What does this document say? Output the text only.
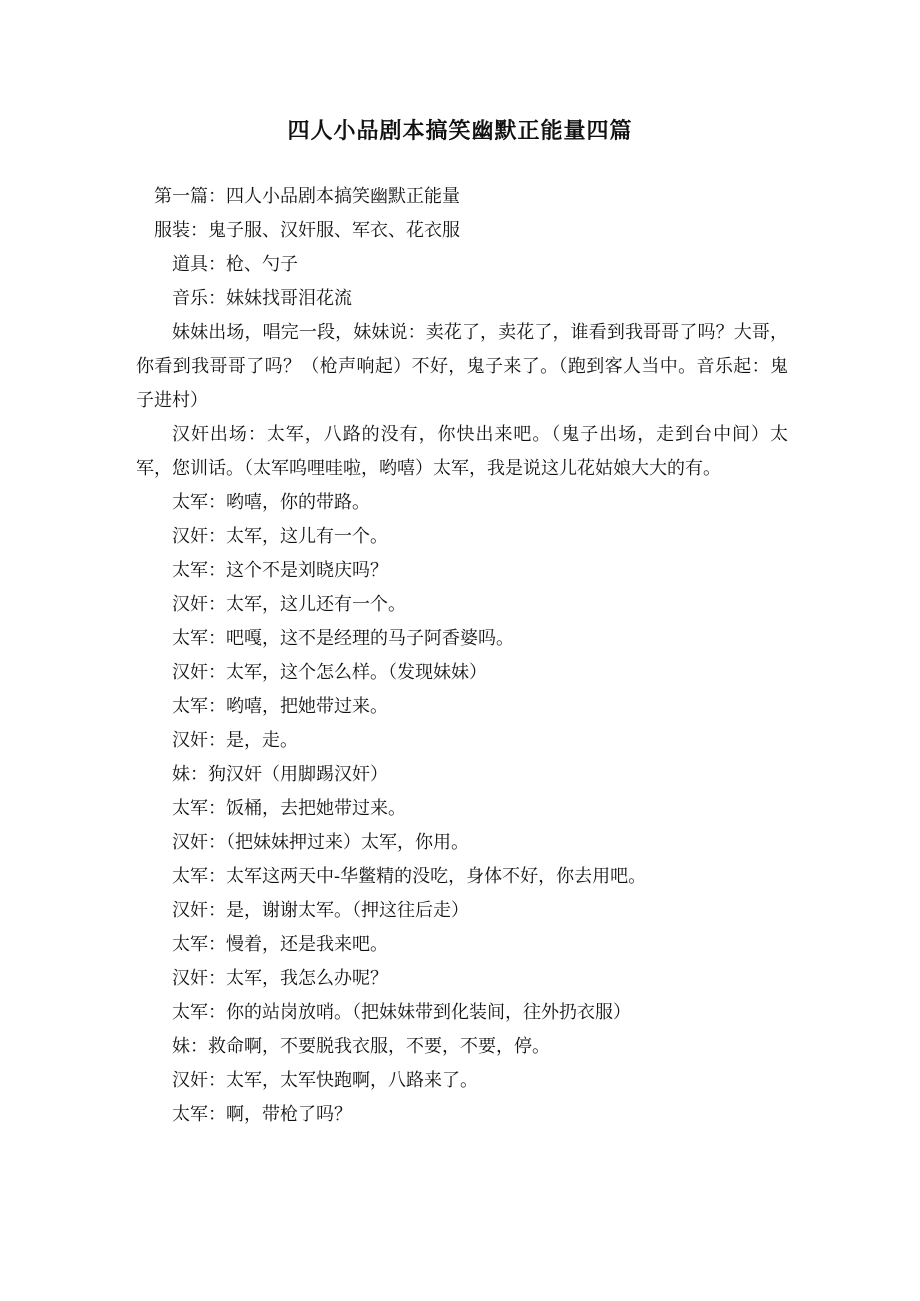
四人小品剧本搞笑幽默正能量四篇

第一篇：四人小品剧本搞笑幽默正能量

服装：鬼子服、汉奸服、军衣、花衣服

道具：枪、勺子

音乐：妹妹找哥泪花流

妹妹出场，唱完一段，妹妹说：卖花了，卖花了，谁看到我哥哥了吗？大哥，你看到我哥哥了吗？（枪声响起）不好，鬼子来了。（跑到客人当中。音乐起：鬼子进村）

汉奸出场：太军，八路的没有，你快出来吧。（鬼子出场，走到台中间）太军，您训话。（太军呜哩哇啦，哟嘻）太军，我是说这儿花姑娘大大的有。

太军：哟嘻，你的带路。

汉奸：太军，这儿有一个。

太军：这个不是刘晓庆吗？

汉奸：太军，这儿还有一个。

太军：吧嘎，这不是经理的马子阿香婆吗。

汉奸：太军，这个怎么样。（发现妹妹）

太军：哟嘻，把她带过来。

汉奸：是，走。

妹：狗汉奸（用脚踢汉奸）

太军：饭桶，去把她带过来。

汉奸：（把妹妹押过来）太军，你用。

太军：太军这两天中-华鳖精的没吃，身体不好，你去用吧。

汉奸：是，谢谢太军。（押这往后走）

太军：慢着，还是我来吧。

汉奸：太军，我怎么办呢？

太军：你的站岗放哨。（把妹妹带到化装间，往外扔衣服）

妹：救命啊，不要脱我衣服，不要，不要，停。

汉奸：太军，太军快跑啊，八路来了。

太军：啊，带枪了吗？
